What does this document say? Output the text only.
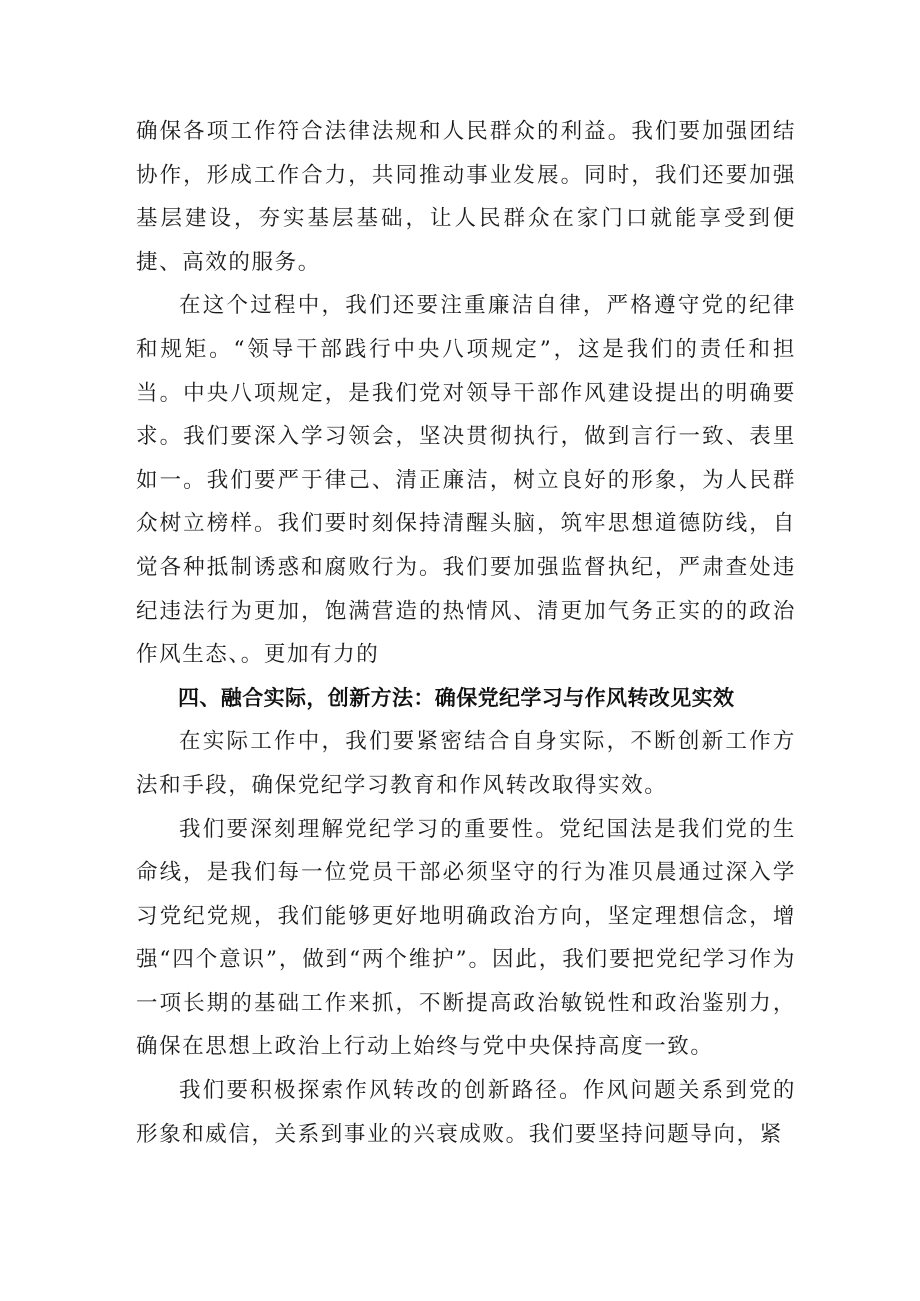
确保各项工作符合法律法规和人民群众的利益。我们要加强团结协作，形成工作合力，共同推动事业发展。同时，我们还要加强基层建设，夯实基层基础，让人民群众在家门口就能享受到便捷、高效的服务。

在这个过程中，我们还要注重廉洁自律，严格遵守党的纪律和规矩。“领导干部践行中央八项规定”，这是我们的责任和担当。中央八项规定，是我们党对领导干部作风建设提出的明确要求。我们要深入学习领会，坚决贯彻执行，做到言行一致、表里如一。我们要严于律己、清正廉洁，树立良好的形象，为人民群众树立榜样。我们要时刻保持清醒头脑，筑牢思想道德防线，自觉各种抵制诱惑和腐败行为。我们要加强监督执纪，严肃查处违纪违法行为更加，饱满营造的热情风、清更加气务正实的的政治作风生态、。更加有力的

四、融合实际，创新方法：确保党纪学习与作风转改见实效

在实际工作中，我们要紧密结合自身实际，不断创新工作方法和手段，确保党纪学习教育和作风转改取得实效。

我们要深刻理解党纪学习的重要性。党纪国法是我们党的生命线，是我们每一位党员干部必须坚守的行为准贝晨通过深入学习党纪党规，我们能够更好地明确政治方向，坚定理想信念，增强“四个意识”，做到“两个维护”。因此，我们要把党纪学习作为一项长期的基础工作来抓，不断提高政治敏锐性和政治鉴别力，确保在思想上政治上行动上始终与党中央保持高度一致。

我们要积极探索作风转改的创新路径。作风问题关系到党的形象和威信，关系到事业的兴衰成败。我们要坚持问题导向，紧
